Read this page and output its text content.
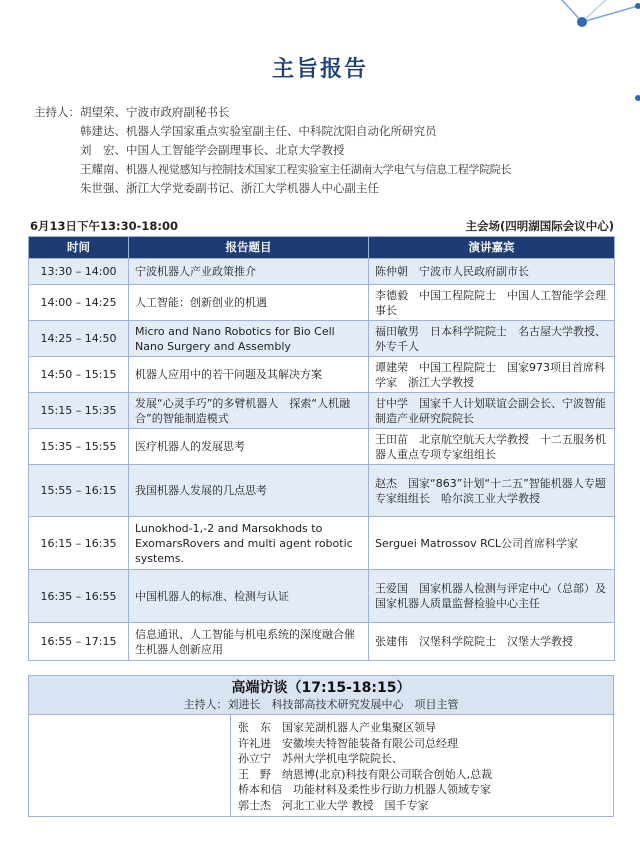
主旨报告
主持人：胡望荣、宁波市政府副秘书长
韩建达、机器人学国家重点实验室副主任、中科院沈阳自动化所研究员
刘　宏、中国人工智能学会副理事长、北京大学教授
王耀南、机器人视觉感知与控制技术国家工程实验室主任湖南大学电气与信息工程学院院长
朱世强、浙江大学党委副书记、浙江大学机器人中心副主任
6月13日下午13:30-18:00	主会场(四明湖国际会议中心)
时间	报告题目	演讲嘉宾
13:30 – 14:00	宁波机器人产业政策推介	陈仲朝　宁波市人民政府副市长
14:00 – 14:25	人工智能：创新创业的机遇	李德毅　中国工程院院士　中国人工智能学会理事长
14:25 – 14:50	Micro and Nano Robotics for Bio Cell Nano Surgery and Assembly	福田敏男　日本科学院院士　名古屋大学教授、外专千人
14:50 – 15:15	机器人应用中的若干问题及其解决方案	谭建荣　中国工程院院士　国家973项目首席科学家　浙江大学教授
15:15 – 15:35	发展“心灵手巧”的多臂机器人　探索“人机融合”的智能制造模式	甘中学　国家千人计划联谊会副会长、宁波智能制造产业研究院院长
15:35 – 15:55	医疗机器人的发展思考	王田苗　北京航空航天大学教授　十二五服务机器人重点专项专家组组长
15:55 – 16:15	我国机器人发展的几点思考	赵杰　国家“863”计划“十二五”智能机器人专题专家组组长　哈尔滨工业大学教授
16:15 – 16:35	Lunokhod-1,-2 and Marsokhods to ExomarsRovers and multi agent robotic systems.	Serguei Matrossov RCL公司首席科学家
16:35 – 16:55	中国机器人的标准、检测与认证	王爱国　国家机器人检测与评定中心（总部）及国家机器人质量监督检验中心主任
16:55 – 17:15	信息通讯、人工智能与机电系统的深度融合催生机器人创新应用	张建伟　汉堡科学院院士　汉堡大学教授
高端访谈（17:15-18:15）
主持人：刘进长　科技部高技术研究发展中心　项目主管
张　东　国家芜湖机器人产业集聚区领导
许礼进　安徽埃夫特智能装备有限公司总经理
孙立宁　苏州大学机电学院院长、
王　野　纳恩博(北京)科技有限公司联合创始人,总裁
桥本和信　功能材料及柔性步行助力机器人领域专家
郭士杰　河北工业大学 教授　国千专家
